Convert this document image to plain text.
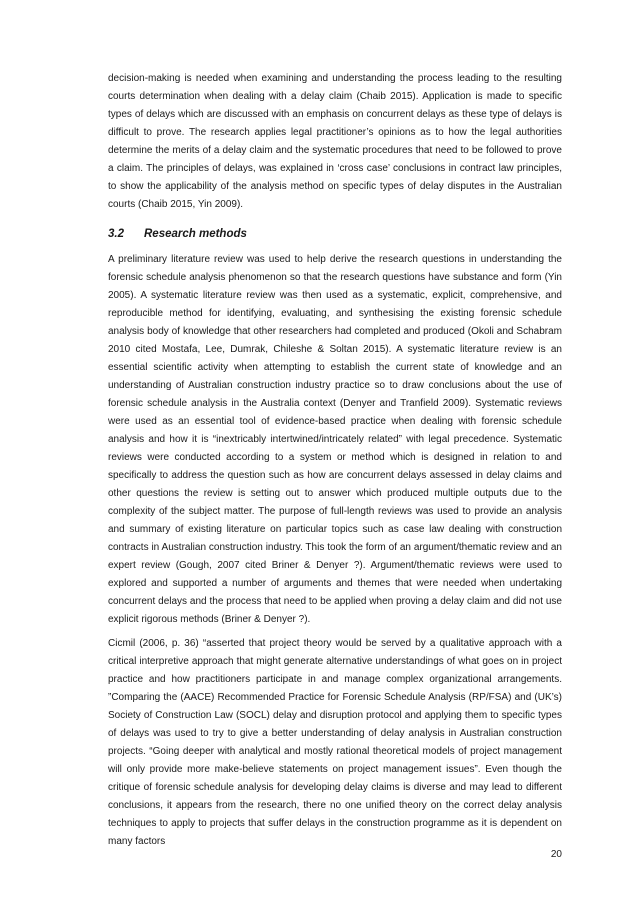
decision-making is needed when examining and understanding the process leading to the resulting courts determination when dealing with a delay claim (Chaib 2015). Application is made to specific types of delays which are discussed with an emphasis on concurrent delays as these type of delays is difficult to prove. The research applies legal practitioner’s opinions as to how the legal authorities determine the merits of a delay claim and the systematic procedures that need to be followed to prove a claim. The principles of delays, was explained in ‘cross case’ conclusions in contract law principles, to show the applicability of the analysis method on specific types of delay disputes in the Australian courts (Chaib 2015, Yin 2009).

3.2 Research methods

A preliminary literature review was used to help derive the research questions in understanding the forensic schedule analysis phenomenon so that the research questions have substance and form (Yin 2005). A systematic literature review was then used as a systematic, explicit, comprehensive, and reproducible method for identifying, evaluating, and synthesising the existing forensic schedule analysis body of knowledge that other researchers had completed and produced (Okoli and Schabram 2010 cited Mostafa, Lee, Dumrak, Chileshe & Soltan 2015). A systematic literature review is an essential scientific activity when attempting to establish the current state of knowledge and an understanding of Australian construction industry practice so to draw conclusions about the use of forensic schedule analysis in the Australia context (Denyer and Tranfield 2009). Systematic reviews were used as an essential tool of evidence-based practice when dealing with forensic schedule analysis and how it is “inextricably intertwined/intricately related” with legal precedence. Systematic reviews were conducted according to a system or method which is designed in relation to and specifically to address the question such as how are concurrent delays assessed in delay claims and other questions the review is setting out to answer which produced multiple outputs due to the complexity of the subject matter. The purpose of full-length reviews was used to provide an analysis and summary of existing literature on particular topics such as case law dealing with construction contracts in Australian construction industry. This took the form of an argument/thematic review and an expert review (Gough, 2007 cited Briner & Denyer ?). Argument/thematic reviews were used to explored and supported a number of arguments and themes that were needed when undertaking concurrent delays and the process that need to be applied when proving a delay claim and did not use explicit rigorous methods (Briner & Denyer ?).

Cicmil (2006, p. 36) “asserted that project theory would be served by a qualitative approach with a critical interpretive approach that might generate alternative understandings of what goes on in project practice and how practitioners participate in and manage complex organizational arrangements. ”Comparing the (AACE) Recommended Practice for Forensic Schedule Analysis (RP/FSA) and (UK’s) Society of Construction Law (SOCL) delay and disruption protocol and applying them to specific types of delays was used to try to give a better understanding of delay analysis in Australian construction projects. “Going deeper with analytical and mostly rational theoretical models of project management will only provide more make-believe statements on project management issues”. Even though the critique of forensic schedule analysis for developing delay claims is diverse and may lead to different conclusions, it appears from the research, there no one unified theory on the correct delay analysis techniques to apply to projects that suffer delays in the construction programme as it is dependent on many factors

20
